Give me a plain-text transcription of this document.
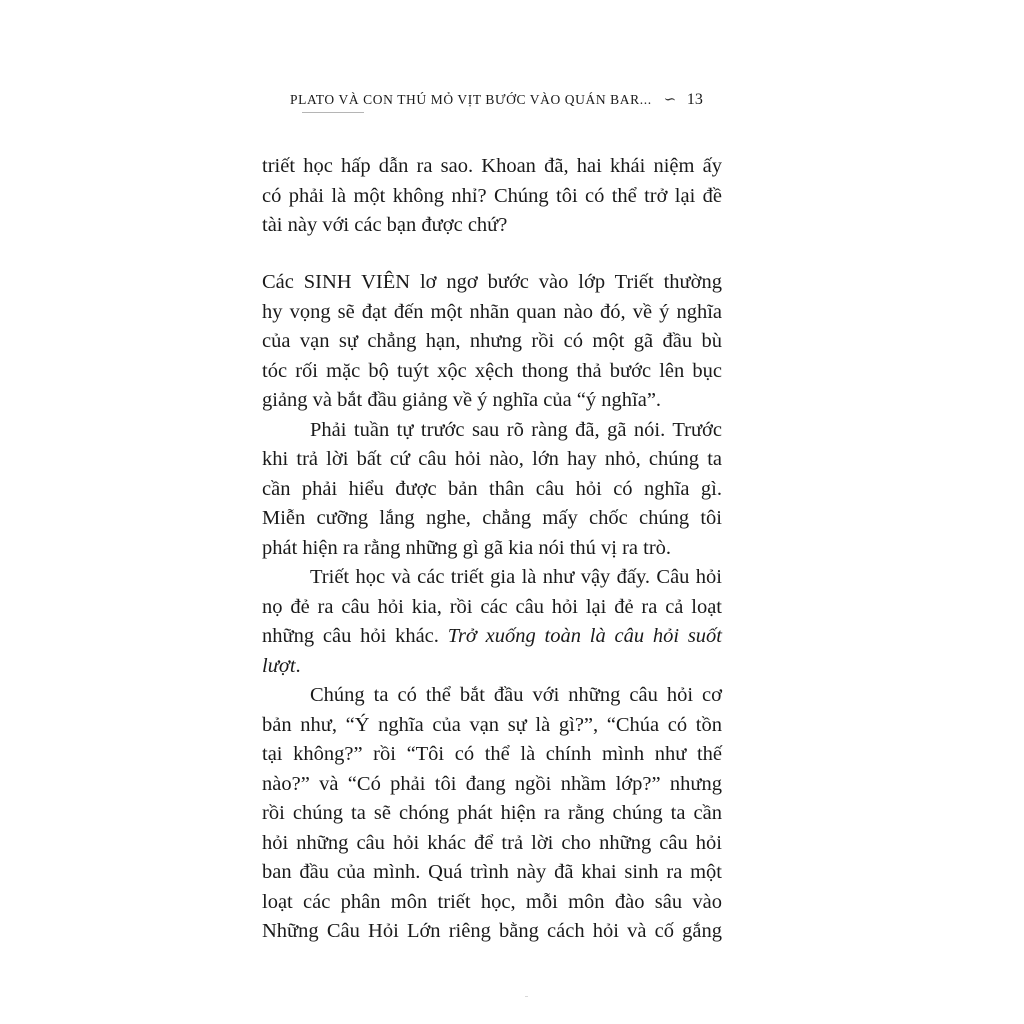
PLATO VÀ CON THÚ MỎ VỊT BƯỚC VÀO QUÁN BAR... ∽ 13
triết học hấp dẫn ra sao. Khoan đã, hai khái niệm ấy
có phải là một không nhỉ? Chúng tôi có thể trở lại đề
tài này với các bạn được chứ?
Các SINH VIÊN lơ ngơ bước vào lớp Triết thường
hy vọng sẽ đạt đến một nhãn quan nào đó, về ý nghĩa
của vạn sự chẳng hạn, nhưng rồi có một gã đầu bù
tóc rối mặc bộ tuýt xộc xệch thong thả bước lên bục
giảng và bắt đầu giảng về ý nghĩa của “ý nghĩa”.
Phải tuần tự trước sau rõ ràng đã, gã nói. Trước
khi trả lời bất cứ câu hỏi nào, lớn hay nhỏ, chúng ta
cần phải hiểu được bản thân câu hỏi có nghĩa gì.
Miễn cưỡng lắng nghe, chẳng mấy chốc chúng tôi
phát hiện ra rằng những gì gã kia nói thú vị ra trò.
Triết học và các triết gia là như vậy đấy. Câu hỏi
nọ đẻ ra câu hỏi kia, rồi các câu hỏi lại đẻ ra cả loạt
những câu hỏi khác. Trở xuống toàn là câu hỏi suốt
lượt.
Chúng ta có thể bắt đầu với những câu hỏi cơ
bản như, “Ý nghĩa của vạn sự là gì?”, “Chúa có tồn
tại không?” rồi “Tôi có thể là chính mình như thế
nào?” và “Có phải tôi đang ngồi nhầm lớp?” nhưng
rồi chúng ta sẽ chóng phát hiện ra rằng chúng ta cần
hỏi những câu hỏi khác để trả lời cho những câu hỏi
ban đầu của mình. Quá trình này đã khai sinh ra một
loạt các phân môn triết học, mỗi môn đào sâu vào
Những Câu Hỏi Lớn riêng bằng cách hỏi và cố gắng
